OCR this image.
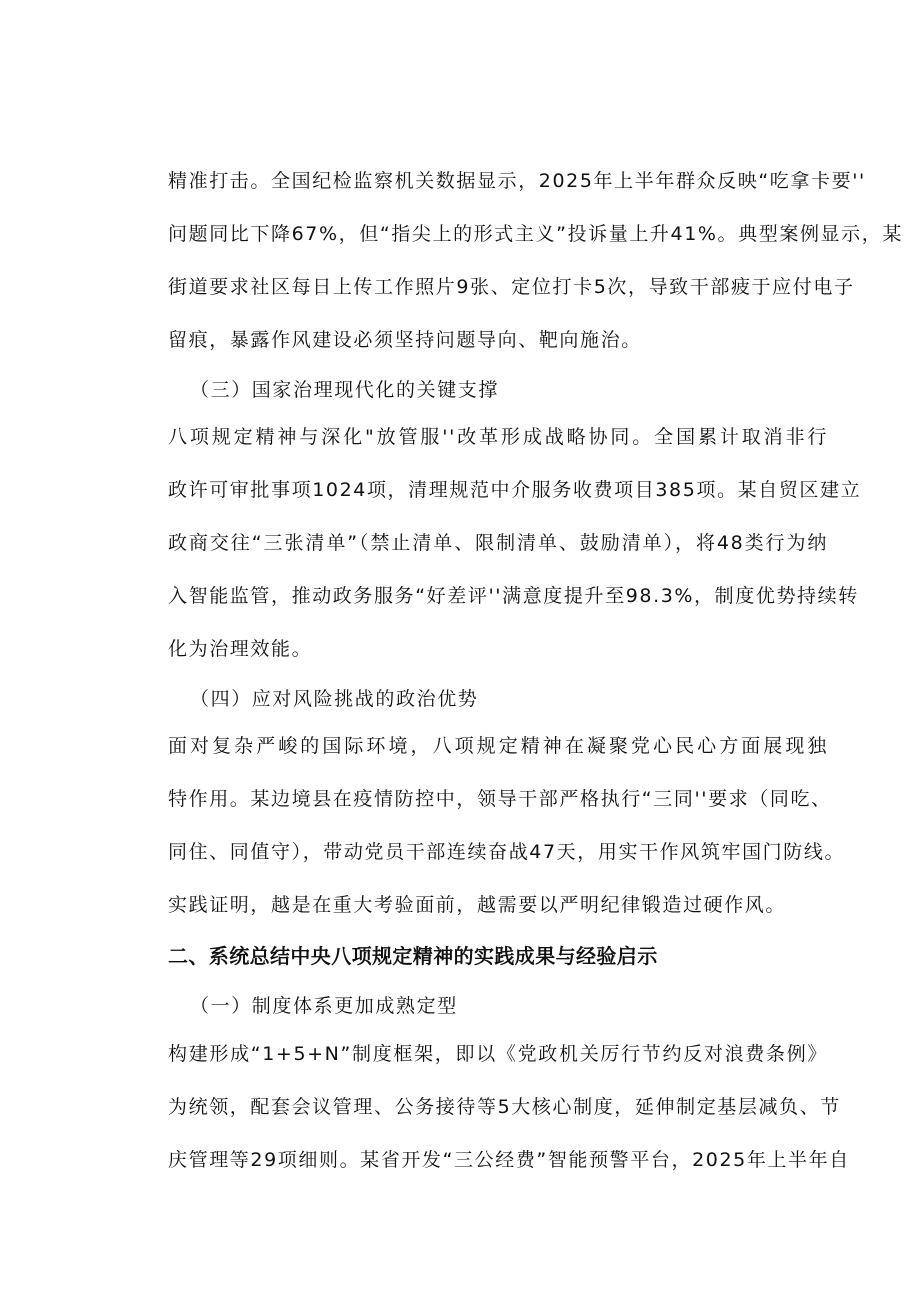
精准打击。全国纪检监察机关数据显示，2025年上半年群众反映“吃拿卡要''
问题同比下降67%，但“指尖上的形式主义”投诉量上升41%。典型案例显示，某
街道要求社区每日上传工作照片9张、定位打卡5次，导致干部疲于应付电子
留痕，暴露作风建设必须坚持问题导向、靶向施治。
（三）国家治理现代化的关键支撑
八项规定精神与深化"放管服''改革形成战略协同。全国累计取消非行
政许可审批事项1024项，清理规范中介服务收费项目385项。某自贸区建立
政商交往“三张清单”（禁止清单、限制清单、鼓励清单），将48类行为纳
入智能监管，推动政务服务“好差评''满意度提升至98.3%，制度优势持续转
化为治理效能。
（四）应对风险挑战的政治优势
面对复杂严峻的国际环境，八项规定精神在凝聚党心民心方面展现独
特作用。某边境县在疫情防控中，领导干部严格执行“三同''要求（同吃、
同住、同值守），带动党员干部连续奋战47天，用实干作风筑牢国门防线。
实践证明，越是在重大考验面前，越需要以严明纪律锻造过硬作风。
二、系统总结中央八项规定精神的实践成果与经验启示
（一）制度体系更加成熟定型
构建形成“1+5+N”制度框架，即以《党政机关厉行节约反对浪费条例》
为统领，配套会议管理、公务接待等5大核心制度，延伸制定基层减负、节
庆管理等29项细则。某省开发“三公经费”智能预警平台，2025年上半年自
